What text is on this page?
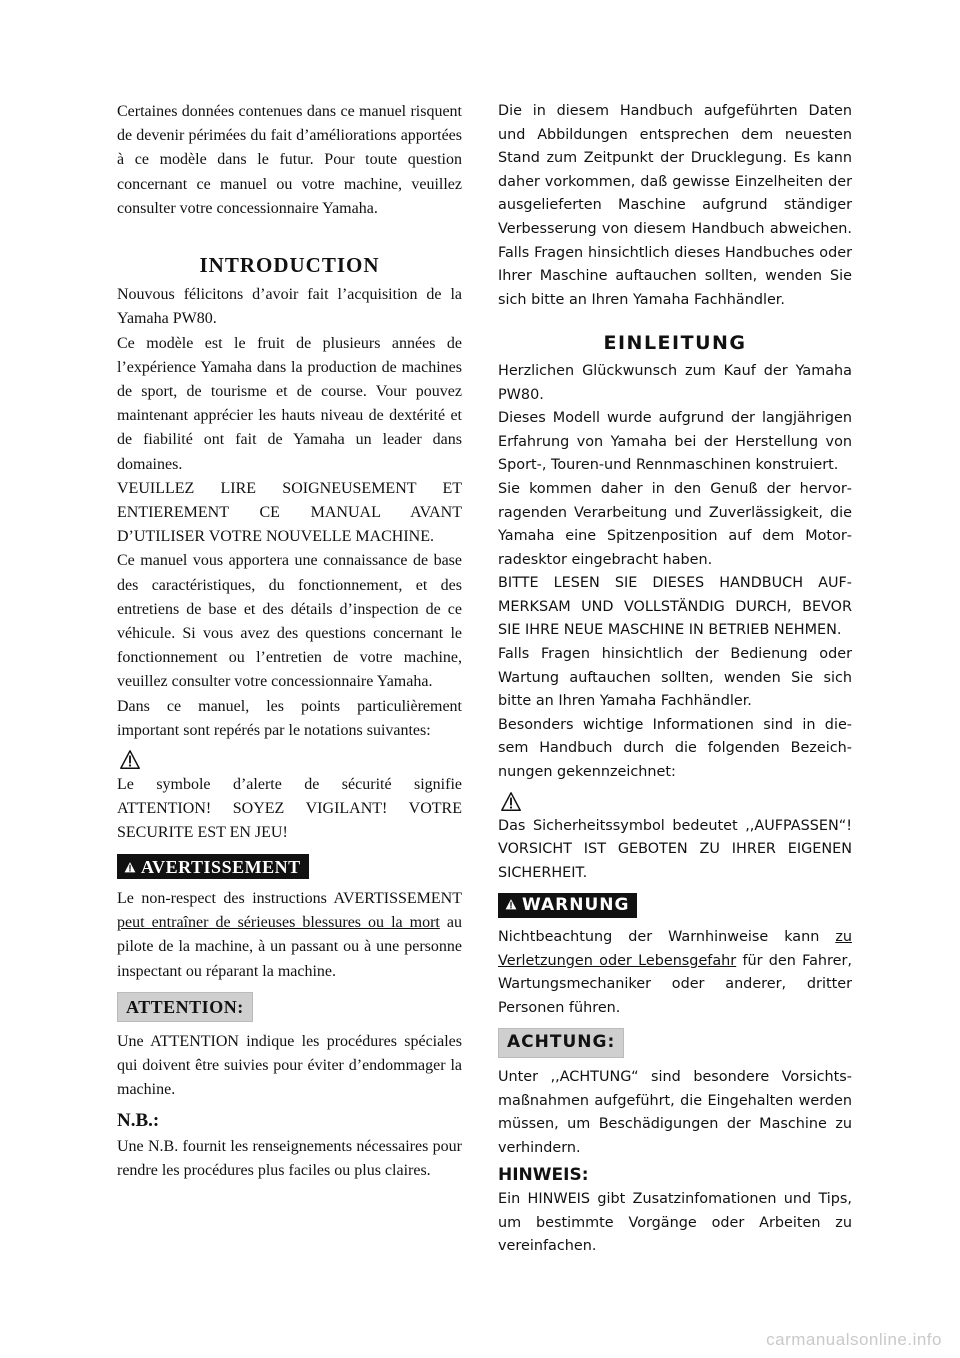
Certaines données contenues dans ce manuel risquent de devenir périmées du fait d’améliorations apportées à ce modèle dans le futur. Pour toute question concernant ce manuel ou votre machine, veuillez consulter votre concessionnaire Yamaha.

INTRODUCTION

Nouvous félicitons d’avoir fait l’acquisition de la Yamaha PW80.

Ce modèle est le fruit de plusieurs années de l’expérience Yamaha dans la production de machines de sport, de tourisme et de course. Vour pouvez maintenant apprécier les hauts niveau de dextérité et de fiabilité ont fait de Yamaha un leader dans domaines.

VEUILLEZ LIRE SOIGNEUSEMENT ET ENTIEREMENT CE MANUAL AVANT D’UTILISER VOTRE NOUVELLE MACHINE.

Ce manuel vous apportera une connaissance de base des caractéristiques, du fonctionnement, et des entretiens de base et des détails d’inspection de ce véhicule. Si vous avez des questions concernant le fonctionnement ou l’entretien de votre machine, veuillez consulter votre concessionnaire Yamaha.

Dans ce manuel, les points particulièrement important sont repérés par le notations suivantes:

Le symbole d’alerte de sécurité signifie ATTENTION! SOYEZ VIGILANT! VOTRE SECURITE EST EN JEU!

AVERTISSEMENT

Le non-respect des instructions AVERTISSEMENT peut entraîner de sérieuses blessures ou la mort au pilote de la machine, à un passant ou à une personne inspectant ou réparant la machine.

ATTENTION:

Une ATTENTION indique les procédures spéciales qui doivent être suivies pour éviter d’endommager la machine.

N.B.:

Une N.B. fournit les renseignements nécessaires pour rendre les procédures plus faciles ou plus claires.

Die in diesem Handbuch aufgeführten Daten und Abbildungen entsprechen dem neuesten Stand zum Zeitpunkt der Drucklegung. Es kann daher vorkommen, daß gewisse Einzelheiten der ausgelieferten Maschine aufgrund ständiger Verbesserung von diesem Handbuch abweichen. Falls Fragen hinsichtlich dieses Handbuches oder Ihrer Maschine auftauchen sollten, wenden Sie sich bitte an Ihren Yamaha Fachhändler.

EINLEITUNG

Herzlichen Glückwunsch zum Kauf der Yamaha PW80.

Dieses Modell wurde aufgrund der langjährigen Erfahrung von Yamaha bei der Herstellung von Sport-, Touren-und Rennmaschinen konstruiert.

Sie kommen daher in den Genuß der hervorragenden Verarbeitung und Zuverlässigkeit, die Yamaha eine Spitzenposition auf dem Motorradesktor eingebracht haben.

BITTE LESEN SIE DIESES HANDBUCH AUFMERKSAM UND VOLLSTÄNDIG DURCH, BEVOR SIE IHRE NEUE MASCHINE IN BETRIEB NEHMEN.

Falls Fragen hinsichtlich der Bedienung oder Wartung auftauchen sollten, wenden Sie sich bitte an Ihren Yamaha Fachhändler.

Besonders wichtige Informationen sind in diesem Handbuch durch die folgenden Bezeichnungen gekennzeichnet:

Das Sicherheitssymbol bedeutet ,,AUFPASSEN“! VORSICHT IST GEBOTEN ZU IHRER EIGENEN SICHERHEIT.

WARNUNG

Nichtbeachtung der Warnhinweise kann zu Verletzungen oder Lebensgefahr für den Fahrer, Wartungsmechaniker oder anderer, dritter Personen führen.

ACHTUNG:

Unter ,,ACHTUNG“ sind besondere Vorsichtsmaßnahmen aufgeführt, die Eingehalten werden müssen, um Beschädigungen der Maschine zu verhindern.

HINWEIS:

Ein HINWEIS gibt Zusatzinfomationen und Tips, um bestimmte Vorgänge oder Arbeiten zu vereinfachen.

carmanualsonline.info
